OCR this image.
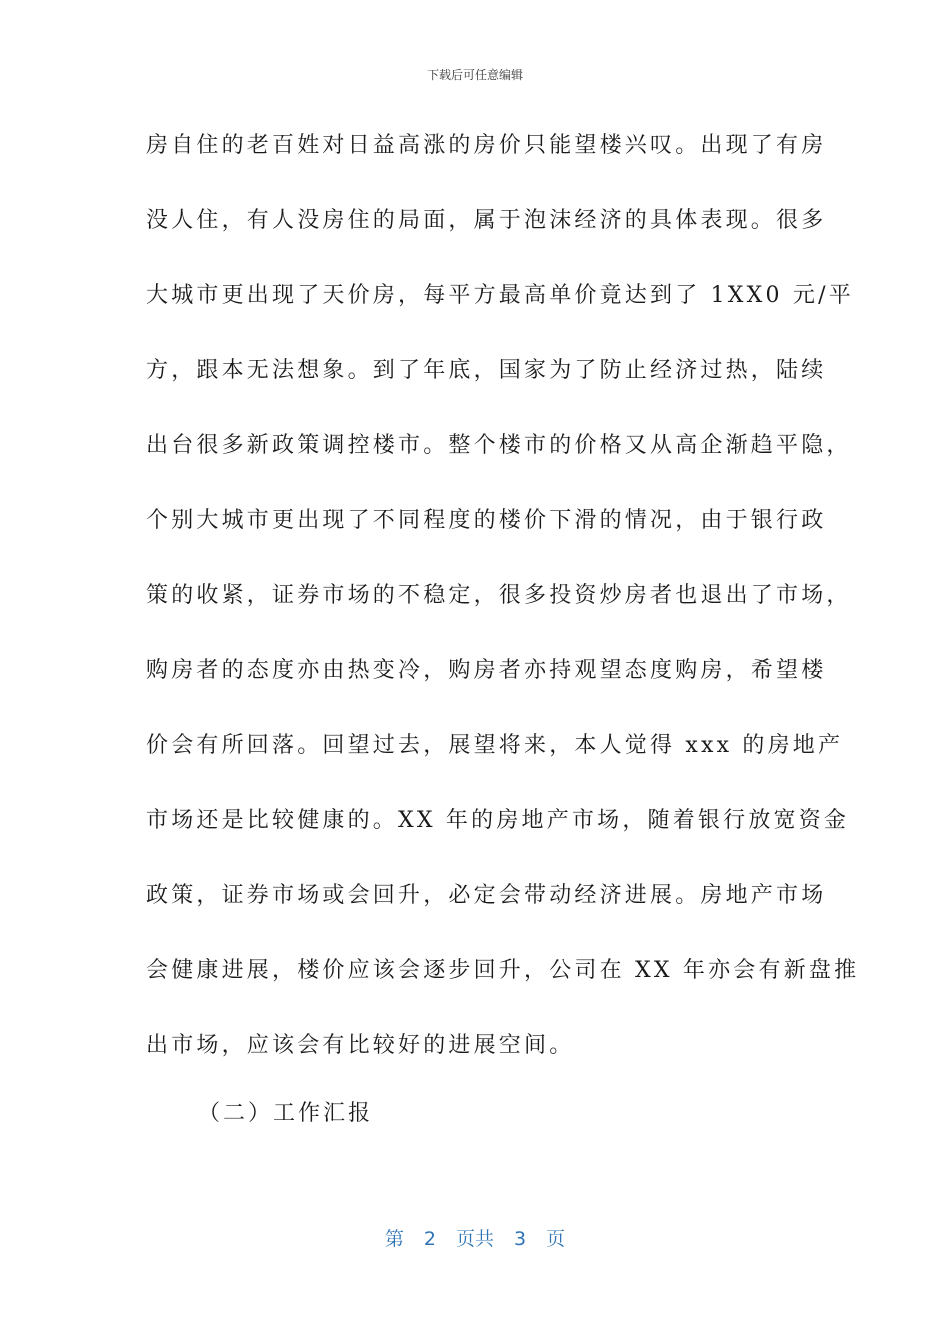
下载后可任意编辑
房自住的老百姓对日益高涨的房价只能望楼兴叹。出现了有房
没人住，有人没房住的局面，属于泡沫经济的具体表现。很多
大城市更出现了天价房，每平方最高单价竟达到了 1XX0 元/平
方，跟本无法想象。到了年底，国家为了防止经济过热，陆续
出台很多新政策调控楼市。整个楼市的价格又从高企渐趋平隐，
个别大城市更出现了不同程度的楼价下滑的情况，由于银行政
策的收紧，证券市场的不稳定，很多投资炒房者也退出了市场，
购房者的态度亦由热变冷，购房者亦持观望态度购房，希望楼
价会有所回落。回望过去，展望将来，本人觉得 xxx 的房地产
市场还是比较健康的。XX 年的房地产市场，随着银行放宽资金
政策，证券市场或会回升，必定会带动经济进展。房地产市场
会健康进展，楼价应该会逐步回升，公司在 XX 年亦会有新盘推
出市场，应该会有比较好的进展空间。
（二）工作汇报
第 2 页共 3 页
